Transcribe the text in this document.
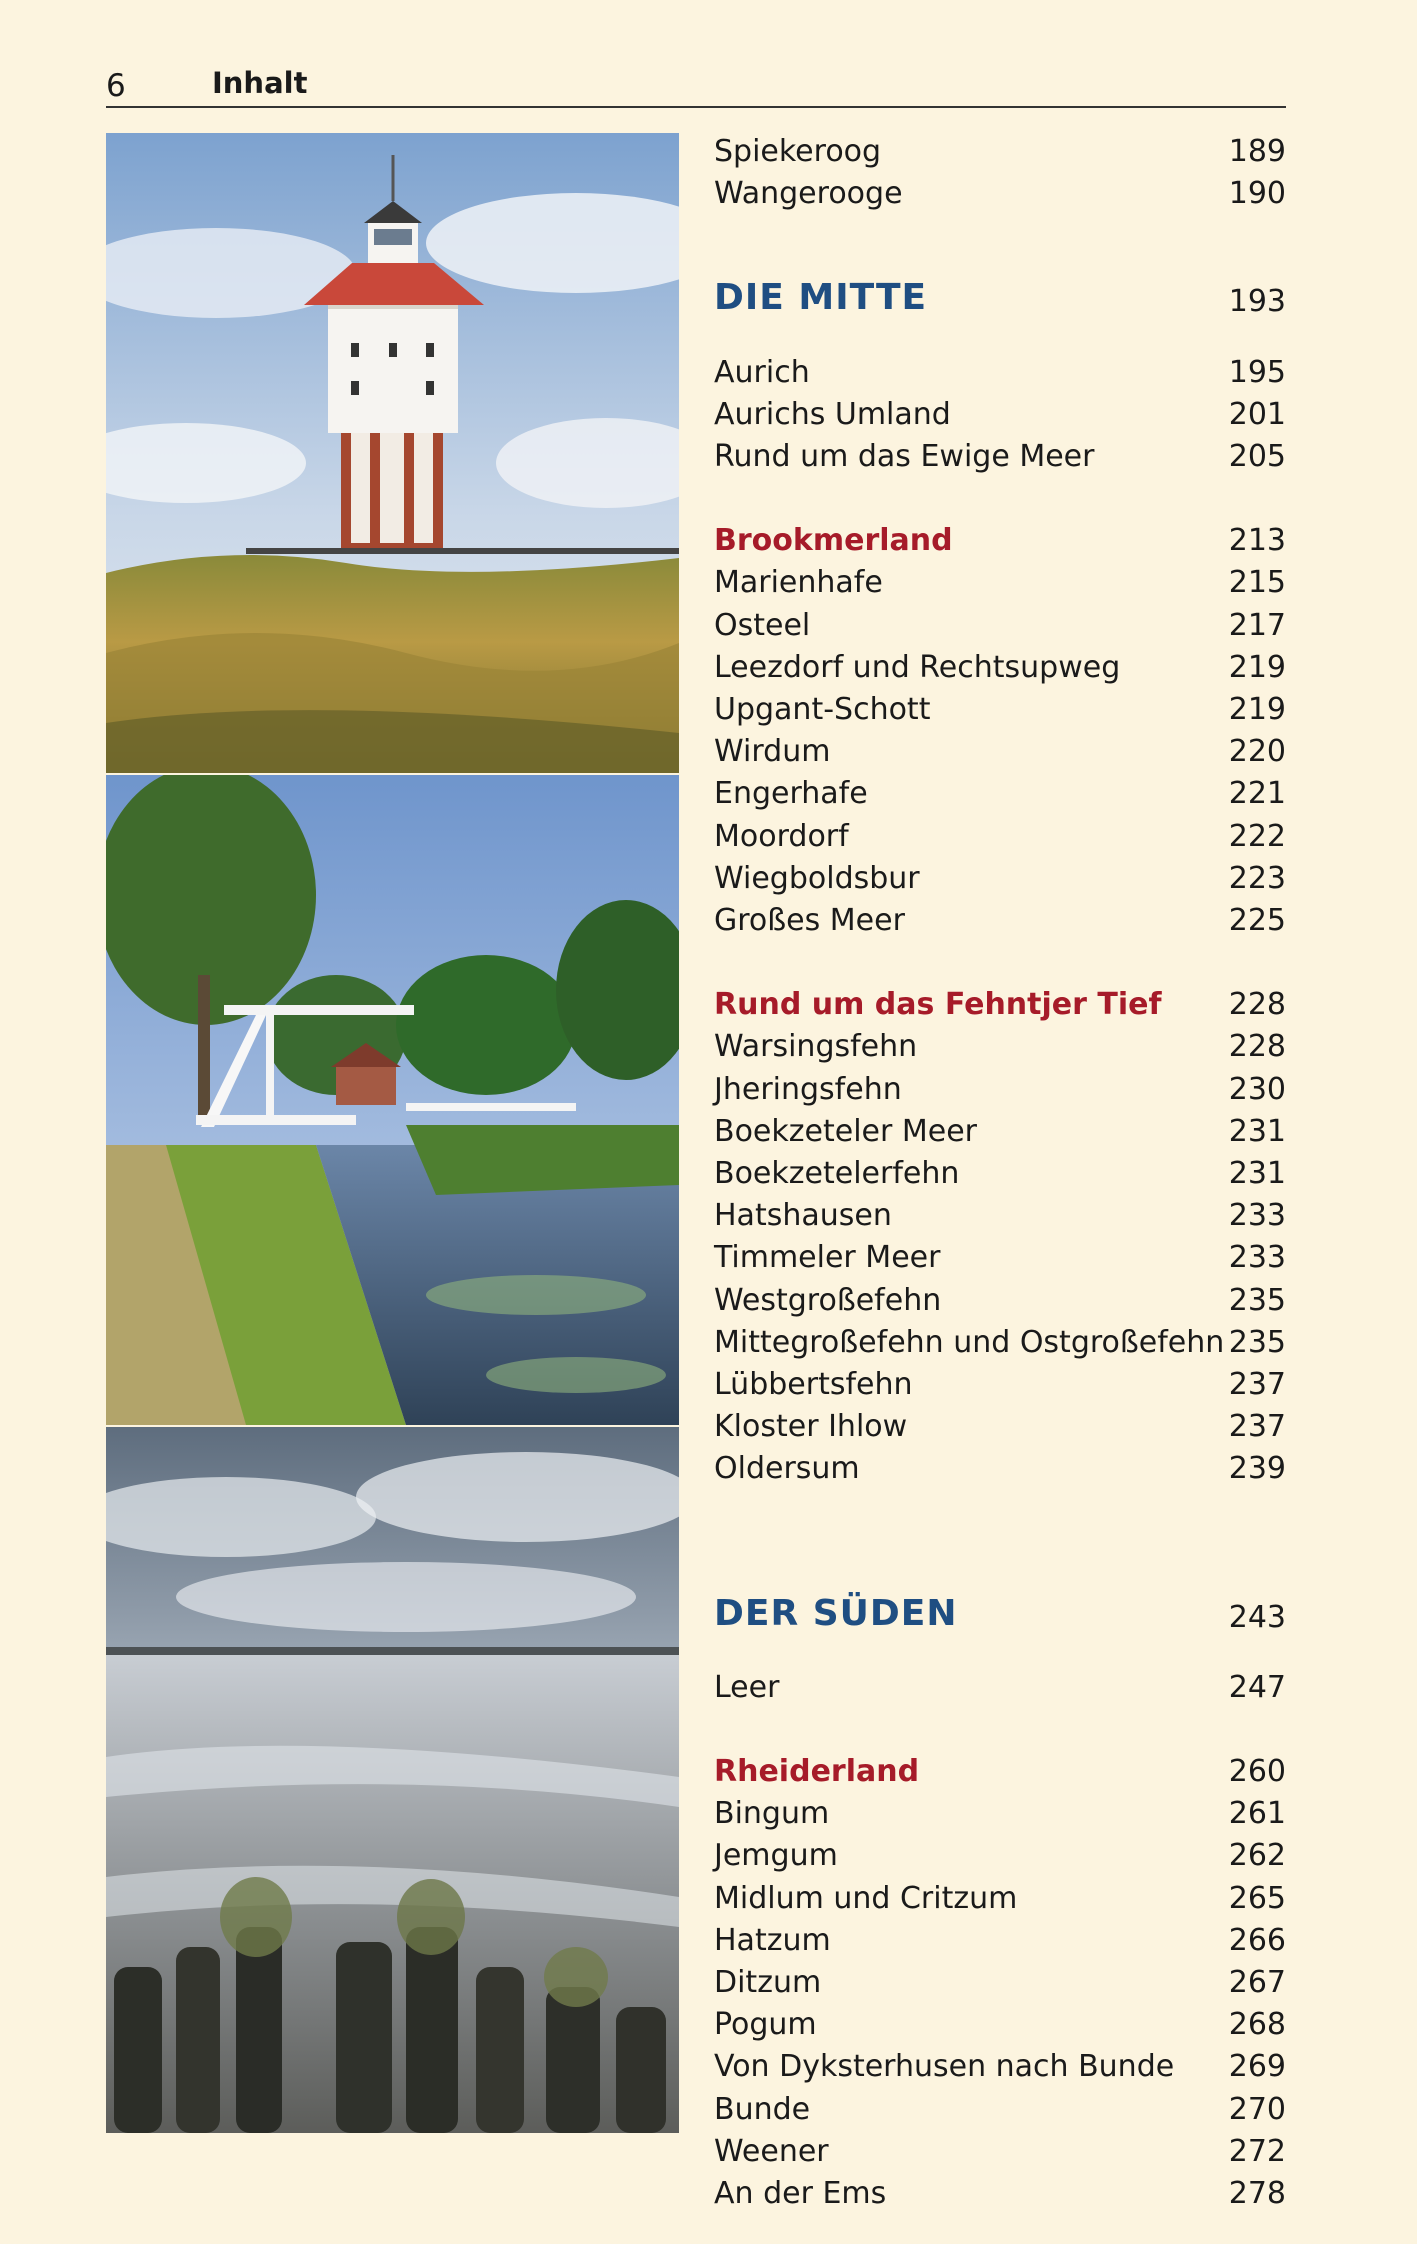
6	Inhalt
Spiekeroog	189
Wangerooge	190
DIE MITTE	193
Aurich	195
Aurichs Umland	201
Rund um das Ewige Meer	205
Brookmerland	213
Marienhafe	215
Osteel	217
Leezdorf und Rechtsupweg	219
Upgant-Schott	219
Wirdum	220
Engerhafe	221
Moordorf	222
Wiegboldsbur	223
Großes Meer	225
Rund um das Fehntjer Tief 228
Warsingsfehn	228
Jheringsfehn	230
Boekzeteler Meer	231
Boekzetelerfehn	231
Hatshausen	233
Timmeler Meer	233
Westgroßefehn	235
Mittegroßefehn und Ostgroßefehn 235
Lübbertsfehn	237
Kloster Ihlow	237
Oldersum	239
DER SÜDEN	243
Leer	247
Rheiderland	260
Bingum	261
Jemgum	262
Midlum und Critzum	265
Hatzum	266
Ditzum	267
Pogum	268
Von Dyksterhusen nach Bunde 269
Bunde	270
Weener	272
An der Ems	278
